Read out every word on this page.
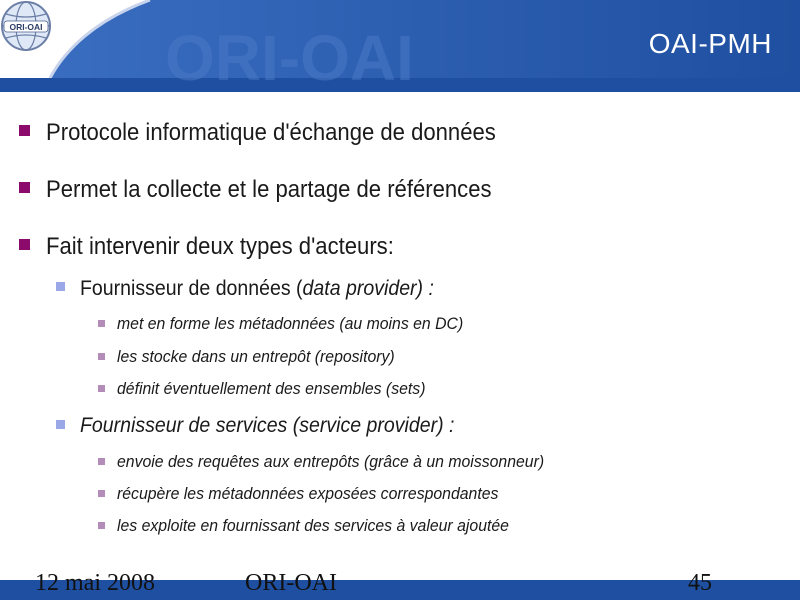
ORI-OAI
ORI-OAI
OAI-PMH
Protocole informatique d'échange de données
Permet la collecte et le partage de références
Fait intervenir deux types d'acteurs:
Fournisseur de données (data provider) :
met en forme les métadonnées (au moins en DC)
les stocke dans un entrepôt (repository)
définit éventuellement des ensembles (sets)
Fournisseur de services (service provider) :
envoie des requêtes aux entrepôts (grâce à un moissonneur)
récupère les métadonnées exposées correspondantes
les exploite en fournissant des services à valeur ajoutée
12 mai 2008	ORI-OAI	45
